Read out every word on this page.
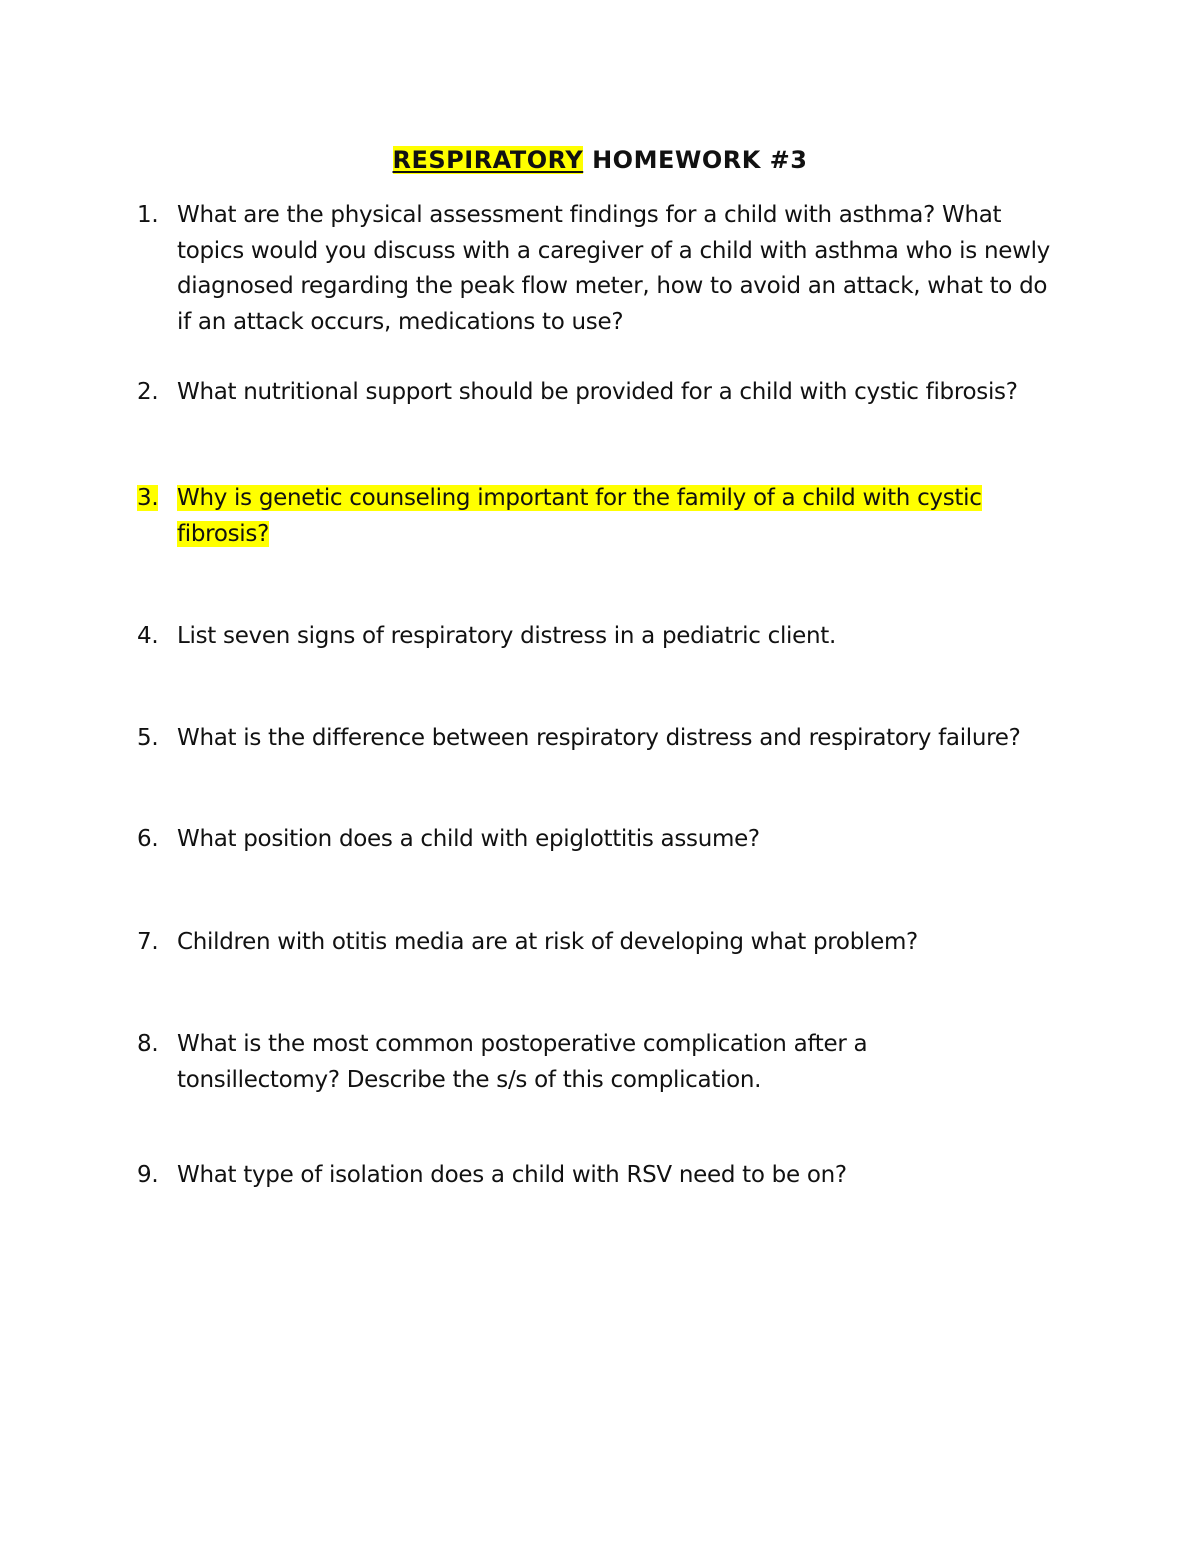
RESPIRATORY HOMEWORK #3
1. What are the physical assessment findings for a child with asthma? What topics would you discuss with a caregiver of a child with asthma who is newly diagnosed regarding the peak flow meter, how to avoid an attack, what to do if an attack occurs, medications to use?
2. What nutritional support should be provided for a child with cystic fibrosis?
3. Why is genetic counseling important for the family of a child with cystic fibrosis?
4. List seven signs of respiratory distress in a pediatric client.
5. What is the difference between respiratory distress and respiratory failure?
6. What position does a child with epiglottitis assume?
7. Children with otitis media are at risk of developing what problem?
8. What is the most common postoperative complication after a tonsillectomy? Describe the s/s of this complication.
9. What type of isolation does a child with RSV need to be on?
